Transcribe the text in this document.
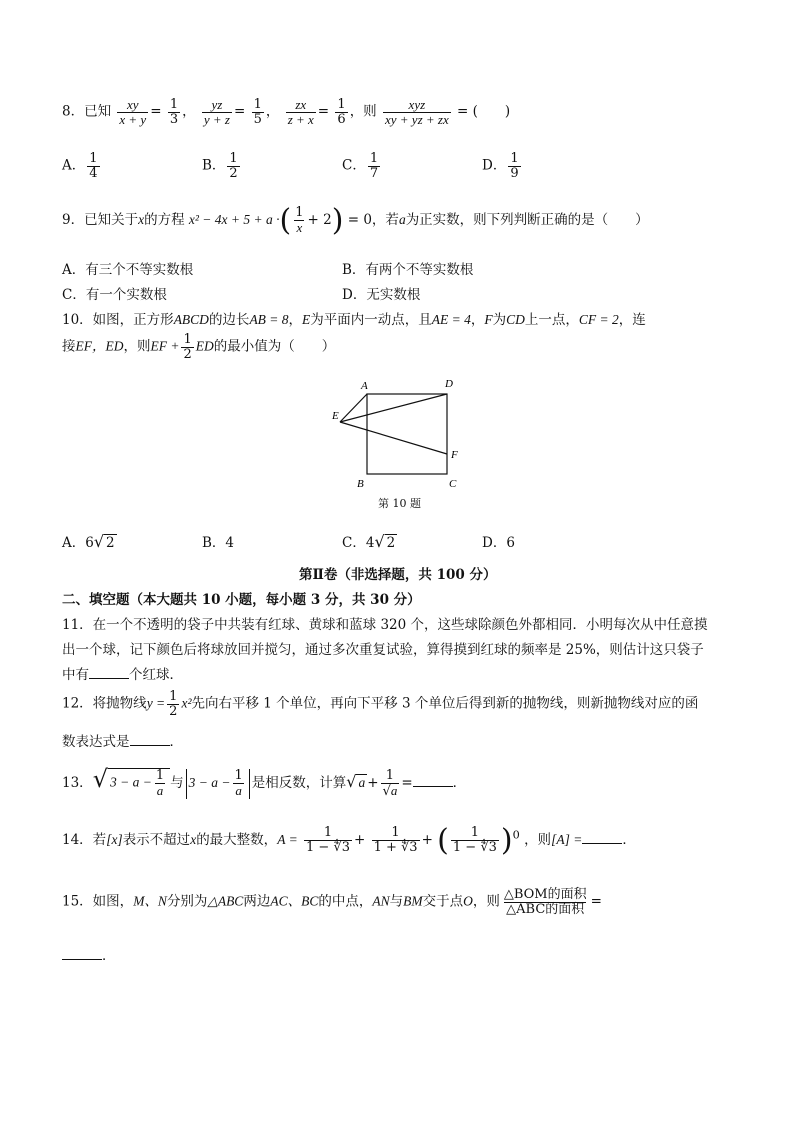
8．已知 $\frac{xy}{x + y} = \frac{1}{3}$ ， $\frac{yz}{y + z} = \frac{1}{5}$ ， $\frac{zx}{z + x} = \frac{1}{6}$ ，则 $\frac{\text{xyz}}{xy + yz + zx}$ = (　　)
A． $\frac{1}{4}$	B． $\frac{1}{2}$	C． $\frac{1}{7}$	D． $\frac{1}{9}$
9．已知关于x的方程 x² − 4x + 5 + a ·( $\frac{1}{x} + 2) = 0$，若a为正实数，则下列判断正确的是（　　）
A．有三个不等实数根	B．有两个不等实数根
C．有一个实数根	D．无实数根
10．如图，正方形ABCD的边长AB = 8，E为平面内一动点，且AE = 4，F为CD上一点，CF = 2，连
接EF，ED，则EF + $\frac{1}{2}$ ED的最小值为（　　）
A	D
E
F
B	C
第 10 题
A．6√ 2	B．4	C．4√ 2	D．6
第Ⅱ卷（非选择题，共 100 分）
二、填空题（本大题共 10 小题，每小题 3 分，共 30 分）
11．在一个不透明的袋子中共装有红球、黄球和蓝球 320 个，这些球除颜色外都相同．小明每次从中任意摸
出一个球，记下颜色后将球放回并搅匀，通过多次重复试验，算得摸到红球的频率是 25%，则估计这只袋子
中有	个红球．
12．将抛物线$y = \frac{1}{2} x^2$先向右平移 1 个单位，再向下平移 3 个单位后得到新的抛物线，则新抛物线对应的函
数表达式是	．
13．√ $3 - a - \frac{1}{a}$ 与 $3 - a - \frac{1}{a}$ 是相反数，计算√ $a + \frac{1}{√a}$ =	．
14．若[x]表示不超过x的最大整数，$A = \frac{1}{1 - ∜3} + \frac{1}{1 + ∜3}$ + ( $\frac{1}{1 - ∜3} )^0$ ，则[A] =	．
15．如图，M、N分别为△ABC两边AC、BC的中点，AN与BM交于点O，则 $\frac{\text{△BOM的面积}}{\text{△ABC的面积}}$ =
．
